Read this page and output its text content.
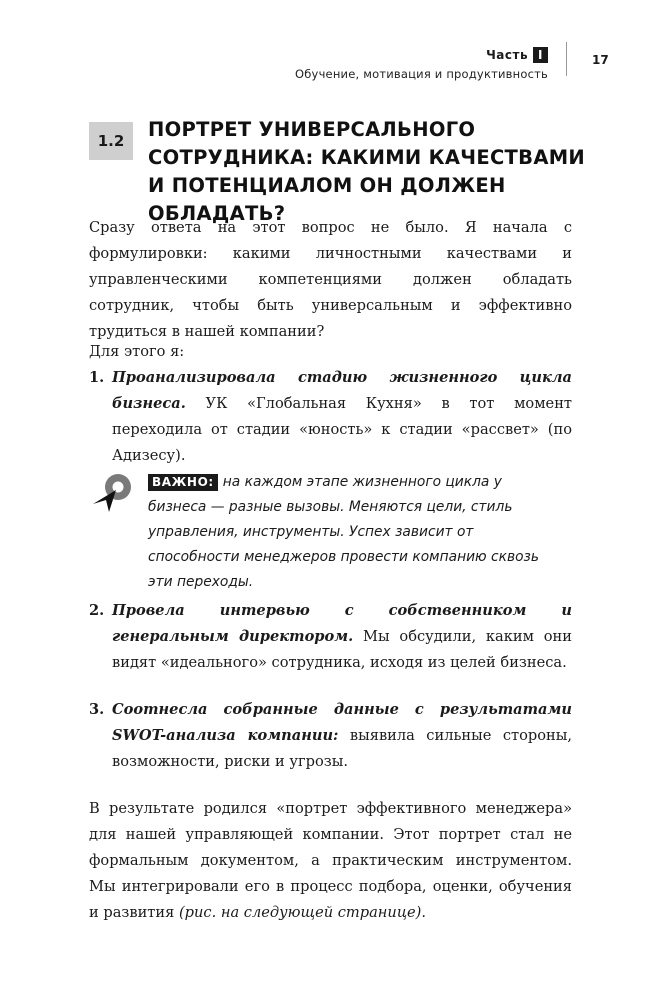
Часть I
Обучение, мотивация и продуктивность
17
1.2	ПОРТРЕТ УНИВЕРСАЛЬНОГО СОТРУДНИКА: КАКИМИ КАЧЕСТВАМИ И ПОТЕНЦИАЛОМ ОН ДОЛЖЕН ОБЛАДАТЬ?

Сразу ответа на этот вопрос не было. Я начала с формулировки: какими личностными качествами и управленческими компетенциями должен обладать сотрудник, чтобы быть универсальным и эффективно трудиться в нашей компании?

Для этого я:

1. Проанализировала стадию жизненного цикла бизнеса. УК «Глобальная Кухня» в тот момент переходила от стадии «юность» к стадии «рассвет» (по Адизесу).
ВАЖНО: на каждом этапе жизненного цикла у бизнеса — разные вызовы. Меняются цели, стиль управления, инструменты. Успех зависит от способности менеджеров провести компанию сквозь эти переходы.
2. Провела интервью с собственником и генеральным директором. Мы обсудили, каким они видят «идеального» сотрудника, исходя из целей бизнеса.
3. Соотнесла собранные данные с результатами SWOT-анализа компании: выявила сильные стороны, возможности, риски и угрозы.

В результате родился «портрет эффективного менеджера» для нашей управляющей компании. Этот портрет стал не формальным документом, а практическим инструментом. Мы интегрировали его в процесс подбора, оценки, обучения и развития (рис. на следующей странице).
